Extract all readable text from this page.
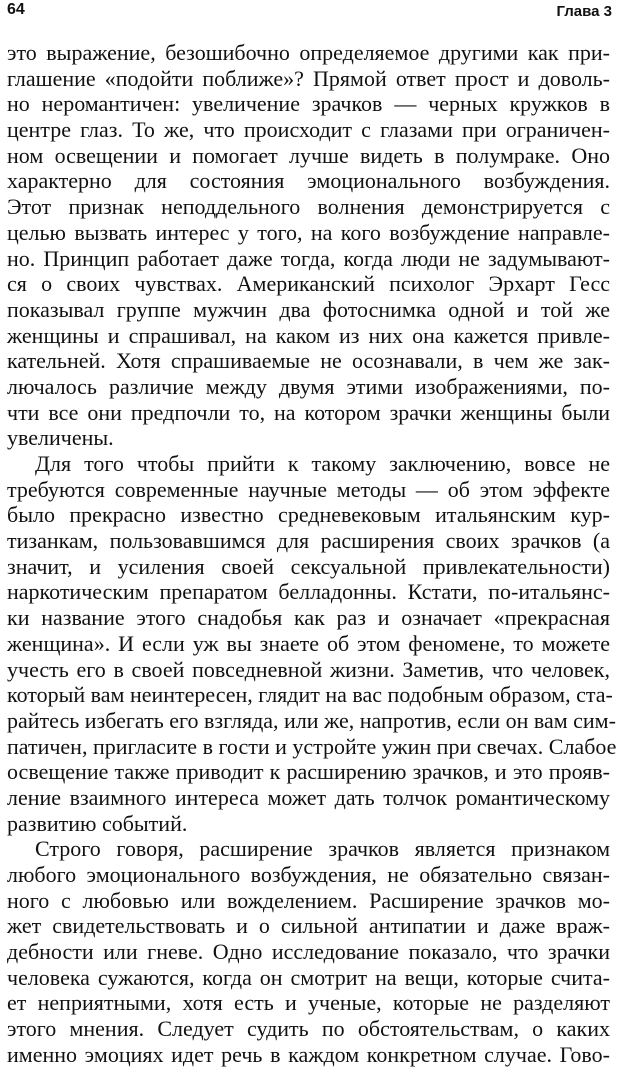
64	Глава 3
это выражение, безошибочно определяемое другими как при-
глашение «подойти поближе»? Прямой ответ прост и доволь-
но неромантичен: увеличение зрачков — черных кружков в
центре глаз. То же, что происходит с глазами при ограничен-
ном освещении и помогает лучше видеть в полумраке. Оно
характерно для состояния эмоционального возбуждения.
Этот признак неподдельного волнения демонстрируется с
целью вызвать интерес у того, на кого возбуждение направле-
но. Принцип работает даже тогда, когда люди не задумывают-
ся о своих чувствах. Американский психолог Эрхарт Гесс
показывал группе мужчин два фотоснимка одной и той же
женщины и спрашивал, на каком из них она кажется привле-
кательней. Хотя спрашиваемые не осознавали, в чем же зак-
лючалось различие между двумя этими изображениями, по-
чти все они предпочли то, на котором зрачки женщины были
увеличены.
Для того чтобы прийти к такому заключению, вовсе не
требуются современные научные методы — об этом эффекте
было прекрасно известно средневековым итальянским кур-
тизанкам, пользовавшимся для расширения своих зрачков (а
значит, и усиления своей сексуальной привлекательности)
наркотическим препаратом белладонны. Кстати, по-итальянс-
ки название этого снадобья как раз и означает «прекрасная
женщина». И если уж вы знаете об этом феномене, то можете
учесть его в своей повседневной жизни. Заметив, что человек,
который вам неинтересен, глядит на вас подобным образом, ста-
райтесь избегать его взгляда, или же, напротив, если он вам сим-
патичен, пригласите в гости и устройте ужин при свечах. Слабое
освещение также приводит к расширению зрачков, и это прояв-
ление взаимного интереса может дать толчок романтическому
развитию событий.
Строго говоря, расширение зрачков является признаком
любого эмоционального возбуждения, не обязательно связан-
ного с любовью или вожделением. Расширение зрачков мо-
жет свидетельствовать и о сильной антипатии и даже враж-
дебности или гневе. Одно исследование показало, что зрачки
человека сужаются, когда он смотрит на вещи, которые счита-
ет неприятными, хотя есть и ученые, которые не разделяют
этого мнения. Следует судить по обстоятельствам, о каких
именно эмоциях идет речь в каждом конкретном случае. Гово-
